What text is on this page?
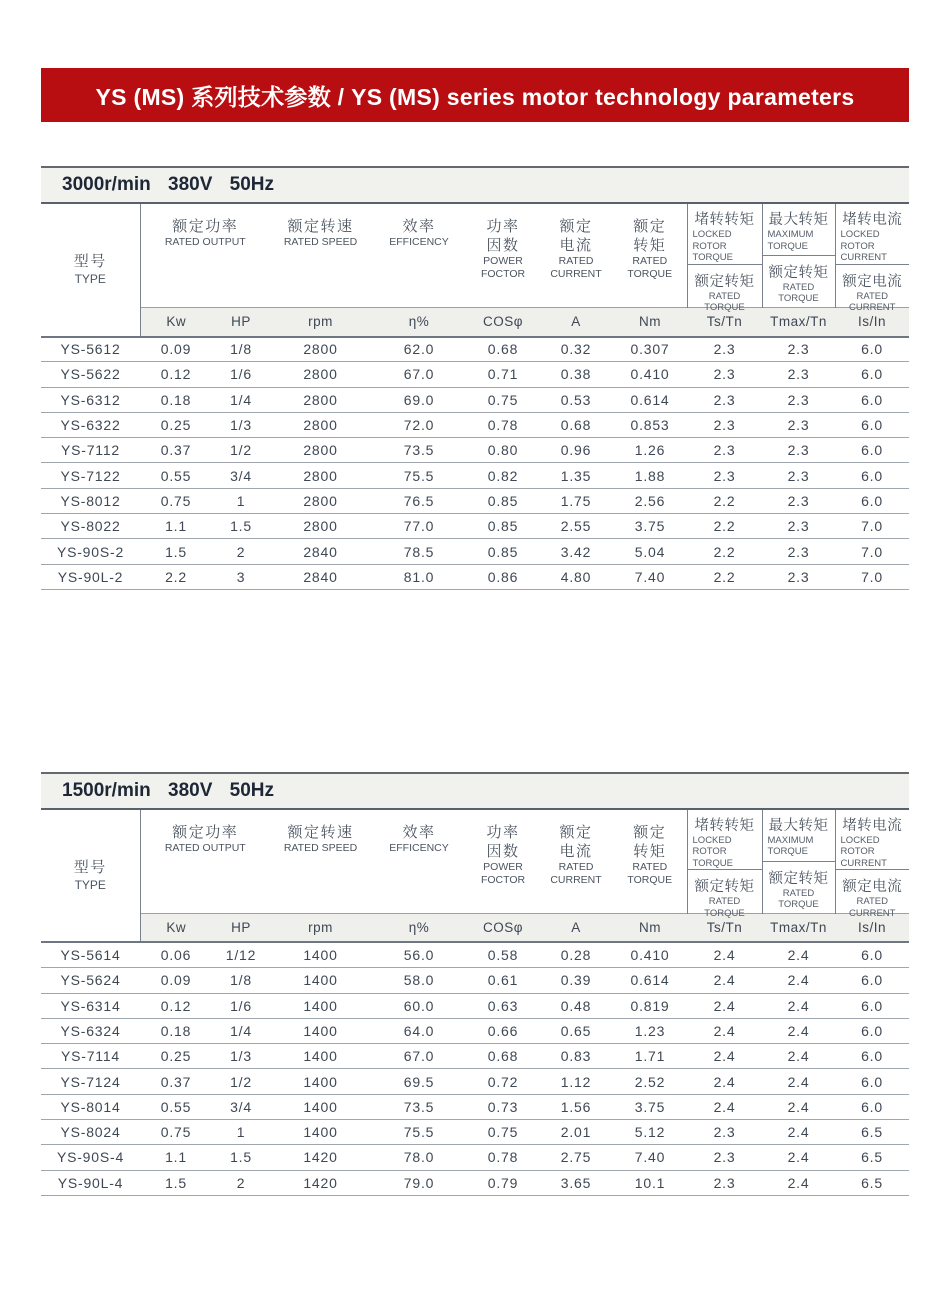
YS (MS) 系列技术参数 / YS (MS) series motor technology parameters
3000r/min 380V 50Hz
型号
TYPE

额定功率
RATED OUTPUT

额定转速
RATED SPEED

效率
EFFICENCY

功率
因数
POWER
FOCTOR

额定
电流
RATED
CURRENT

额定
转矩
RATED
TORQUE

堵转转矩
LOCKED
ROTOR TORQUE
额定转矩
RATED TORQUE

最大转矩
MAXIMUM
TORQUE
额定转矩
RATED TORQUE

堵转电流
LOCKED
ROTOR CURRENT
额定电流
RATED CURRENT

	Kw	HP	rpm	η%	COSφ	A	Nm	Ts/Tn	Tmax/Tn	Is/In
YS-5612	0.09	1/8	2800	62.0	0.68	0.32	0.307	2.3	2.3	6.0
YS-5622	0.12	1/6	2800	67.0	0.71	0.38	0.410	2.3	2.3	6.0
YS-6312	0.18	1/4	2800	69.0	0.75	0.53	0.614	2.3	2.3	6.0
YS-6322	0.25	1/3	2800	72.0	0.78	0.68	0.853	2.3	2.3	6.0
YS-7112	0.37	1/2	2800	73.5	0.80	0.96	1.26	2.3	2.3	6.0
YS-7122	0.55	3/4	2800	75.5	0.82	1.35	1.88	2.3	2.3	6.0
YS-8012	0.75	1	2800	76.5	0.85	1.75	2.56	2.2	2.3	6.0
YS-8022	1.1	1.5	2800	77.0	0.85	2.55	3.75	2.2	2.3	7.0
YS-90S-2	1.5	2	2840	78.5	0.85	3.42	5.04	2.2	2.3	7.0
YS-90L-2	2.2	3	2840	81.0	0.86	4.80	7.40	2.2	2.3	7.0
1500r/min 380V 50Hz
型号
TYPE

额定功率
RATED OUTPUT

额定转速
RATED SPEED

效率
EFFICENCY

功率
因数
POWER
FOCTOR

额定
电流
RATED
CURRENT

额定
转矩
RATED
TORQUE

堵转转矩
LOCKED
ROTOR TORQUE
额定转矩
RATED TORQUE

最大转矩
MAXIMUM
TORQUE
额定转矩
RATED TORQUE

堵转电流
LOCKED
ROTOR CURRENT
额定电流
RATED CURRENT

	Kw	HP	rpm	η%	COSφ	A	Nm	Ts/Tn	Tmax/Tn	Is/In
YS-5614	0.06	1/12	1400	56.0	0.58	0.28	0.410	2.4	2.4	6.0
YS-5624	0.09	1/8	1400	58.0	0.61	0.39	0.614	2.4	2.4	6.0
YS-6314	0.12	1/6	1400	60.0	0.63	0.48	0.819	2.4	2.4	6.0
YS-6324	0.18	1/4	1400	64.0	0.66	0.65	1.23	2.4	2.4	6.0
YS-7114	0.25	1/3	1400	67.0	0.68	0.83	1.71	2.4	2.4	6.0
YS-7124	0.37	1/2	1400	69.5	0.72	1.12	2.52	2.4	2.4	6.0
YS-8014	0.55	3/4	1400	73.5	0.73	1.56	3.75	2.4	2.4	6.0
YS-8024	0.75	1	1400	75.5	0.75	2.01	5.12	2.3	2.4	6.5
YS-90S-4	1.1	1.5	1420	78.0	0.78	2.75	7.40	2.3	2.4	6.5
YS-90L-4	1.5	2	1420	79.0	0.79	3.65	10.1	2.3	2.4	6.5
